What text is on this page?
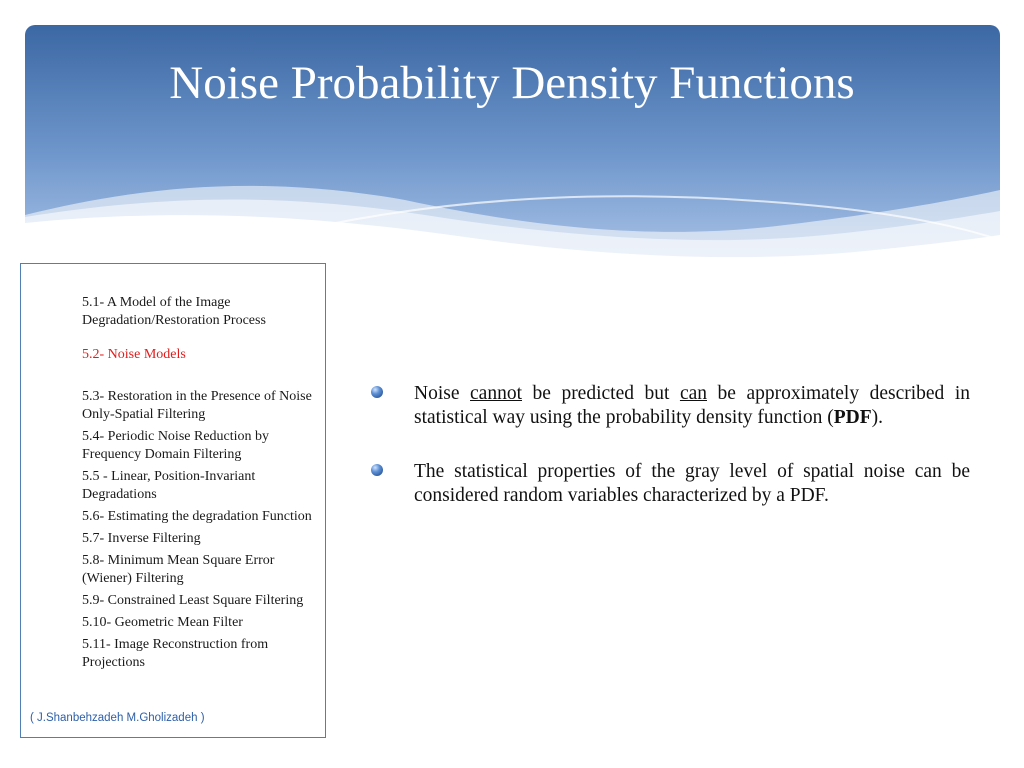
Noise Probability Density Functions
5.1- A Model of the Image Degradation/Restoration Process
5.2- Noise Models
5.3- Restoration in the Presence of Noise Only-Spatial Filtering
5.4- Periodic Noise Reduction by Frequency Domain Filtering
5.5 - Linear, Position-Invariant Degradations
5.6- Estimating the degradation Function
5.7- Inverse Filtering
5.8- Minimum Mean Square Error (Wiener) Filtering
5.9- Constrained Least Square Filtering
5.10- Geometric Mean Filter
5.11- Image Reconstruction from Projections
( J.Shanbehzadeh M.Gholizadeh )
Noise cannot be predicted but can be approximately described in statistical way using the probability density function (PDF).
The statistical properties of the gray level of spatial noise can be considered random variables characterized by a PDF.
